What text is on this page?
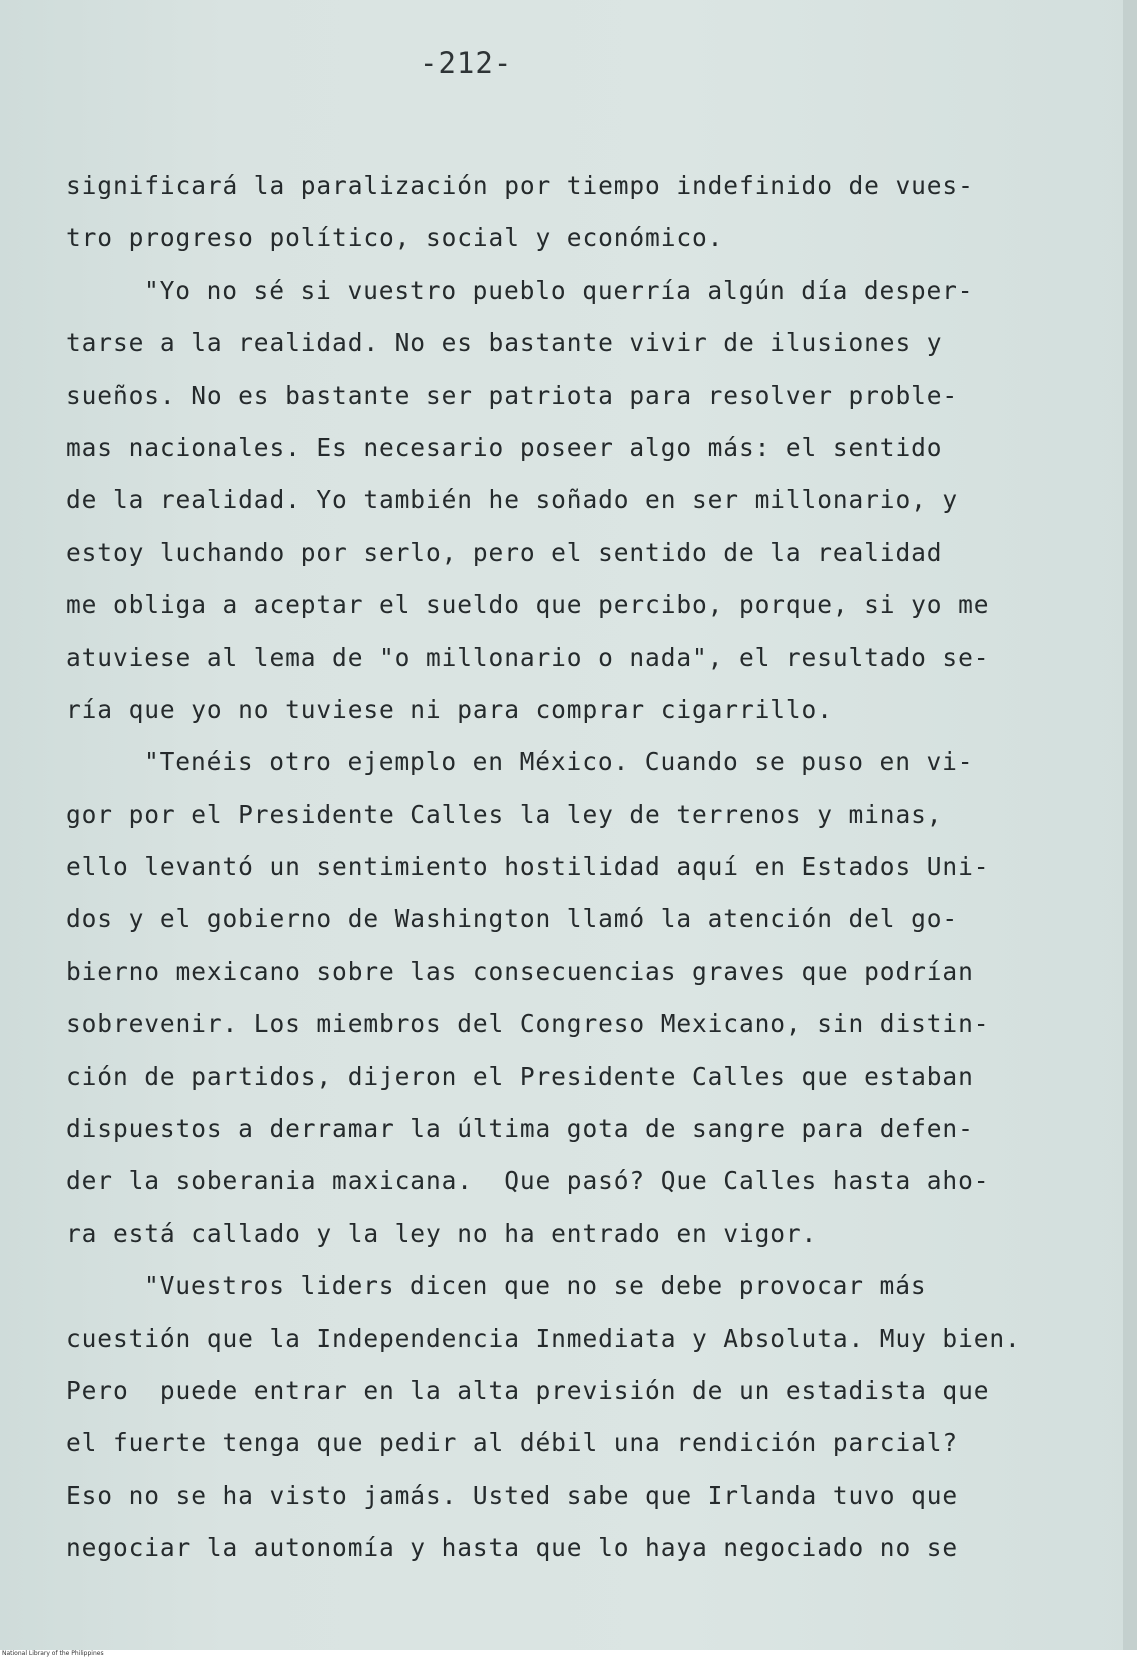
-212-
significará la paralización por tiempo indefinido de vues-
tro progreso político, social y económico.
"Yo no sé si vuestro pueblo querría algún día desper-
tarse a la realidad. No es bastante vivir de ilusiones y
sueños. No es bastante ser patriota para resolver proble-
mas nacionales. Es necesario poseer algo más: el sentido
de la realidad. Yo también he soñado en ser millonario, y
estoy luchando por serlo, pero el sentido de la realidad
me obliga a aceptar el sueldo que percibo, porque, si yo me
atuviese al lema de "o millonario o nada", el resultado se-
ría que yo no tuviese ni para comprar cigarrillo.
"Tenéis otro ejemplo en México. Cuando se puso en vi-
gor por el Presidente Calles la ley de terrenos y minas,
ello levantó un sentimiento hostilidad aquí en Estados Uni-
dos y el gobierno de Washington llamó la atención del go-
bierno mexicano sobre las consecuencias graves que podrían
sobrevenir. Los miembros del Congreso Mexicano, sin distin-
ción de partidos, dijeron el Presidente Calles que estaban
dispuestos a derramar la última gota de sangre para defen-
der la soberania maxicana.  Que pasó? Que Calles hasta aho-
ra está callado y la ley no ha entrado en vigor.
"Vuestros liders dicen que no se debe provocar más
cuestión que la Independencia Inmediata y Absoluta. Muy bien.
Pero  puede entrar en la alta previsión de un estadista que
el fuerte tenga que pedir al débil una rendición parcial?
Eso no se ha visto jamás. Usted sabe que Irlanda tuvo que
negociar la autonomía y hasta que lo haya negociado no se
National Library of the Philippines
